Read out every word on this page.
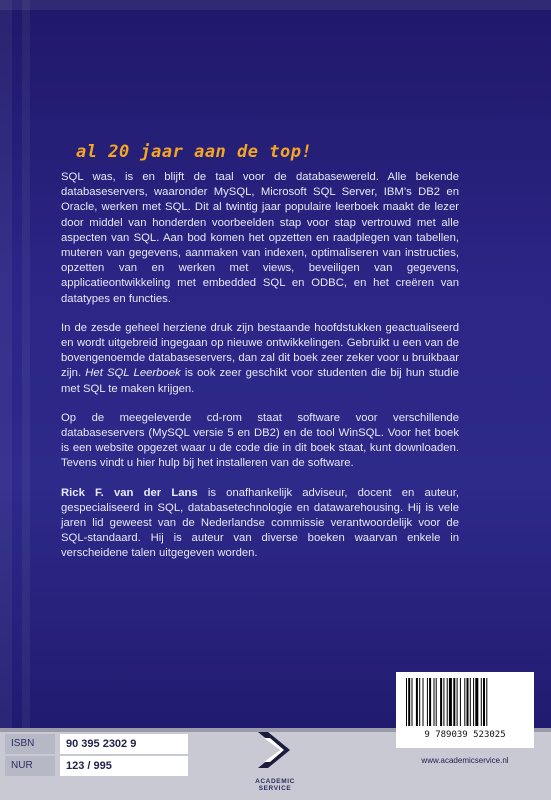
al 20 jaar aan de top!

SQL was, is en blijft de taal voor de databasewereld. Alle bekende databaseservers, waaronder MySQL, Microsoft SQL Server, IBM’s DB2 en Oracle, werken met SQL. Dit al twintig jaar populaire leerboek maakt de lezer door middel van honderden voorbeelden stap voor stap vertrouwd met alle aspecten van SQL. Aan bod komen het opzetten en raadplegen van tabellen, muteren van gegevens, aanmaken van indexen, optimaliseren van instructies, opzetten van en werken met views, beveiligen van gegevens, applicatieontwikkeling met embedded SQL en ODBC, en het creëren van datatypes en functies.

In de zesde geheel herziene druk zijn bestaande hoofdstukken geactualiseerd en wordt uitgebreid ingegaan op nieuwe ontwikkelingen. Gebruikt u een van de bovengenoemde databaseservers, dan zal dit boek zeer zeker voor u bruikbaar zijn. Het SQL Leerboek is ook zeer geschikt voor studenten die bij hun studie met SQL te maken krijgen.

Op de meegeleverde cd-rom staat software voor verschillende databaseservers (MySQL versie 5 en DB2) en de tool WinSQL. Voor het boek is een website opgezet waar u de code die in dit boek staat, kunt downloaden. Tevens vindt u hier hulp bij het installeren van de software.

Rick F. van der Lans is onafhankelijk adviseur, docent en auteur, gespecialiseerd in SQL, databasetechnologie en datawarehousing. Hij is vele jaren lid geweest van de Nederlandse commissie verantwoordelijk voor de SQL-standaard. Hij is auteur van diverse boeken waarvan enkele in verscheidene talen uitgegeven worden.

ISBN	90 395 2302 9
NUR	123 / 995
ACADEMIC
SERVICE
9 789039 523025
www.academicservice.nl
